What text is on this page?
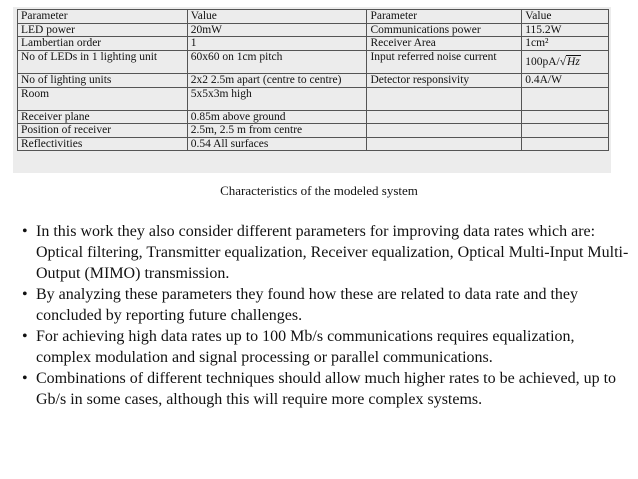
Parameter	Value	Parameter	Value
LED power	20mW	Communications power	115.2W
Lambertian order	1	Receiver Area	1cm²
No of LEDs in 1 lighting unit	60x60 on 1cm pitch	Input referred noise current	100pA/√Hz
No of lighting units	2x2 2.5m apart (centre to centre)	Detector responsivity	0.4A/W
Room	5x5x3m high		
Receiver plane	0.85m above ground		
Position of receiver	2.5m, 2.5 m from centre		
Reflectivities	0.54 All surfaces		
Characteristics of the modeled system
• In this work they also consider different parameters for improving data rates which are: Optical filtering, Transmitter equalization, Receiver equalization, Optical Multi-Input Multi-Output (MIMO) transmission.
• By analyzing these parameters they found how these are related to data rate and they concluded by reporting future challenges.
• For achieving high data rates up to 100 Mb/s communications requires equalization, complex modulation and signal processing or parallel communications.
• Combinations of different techniques should allow much higher rates to be achieved, up to Gb/s in some cases, although this will require more complex systems.
